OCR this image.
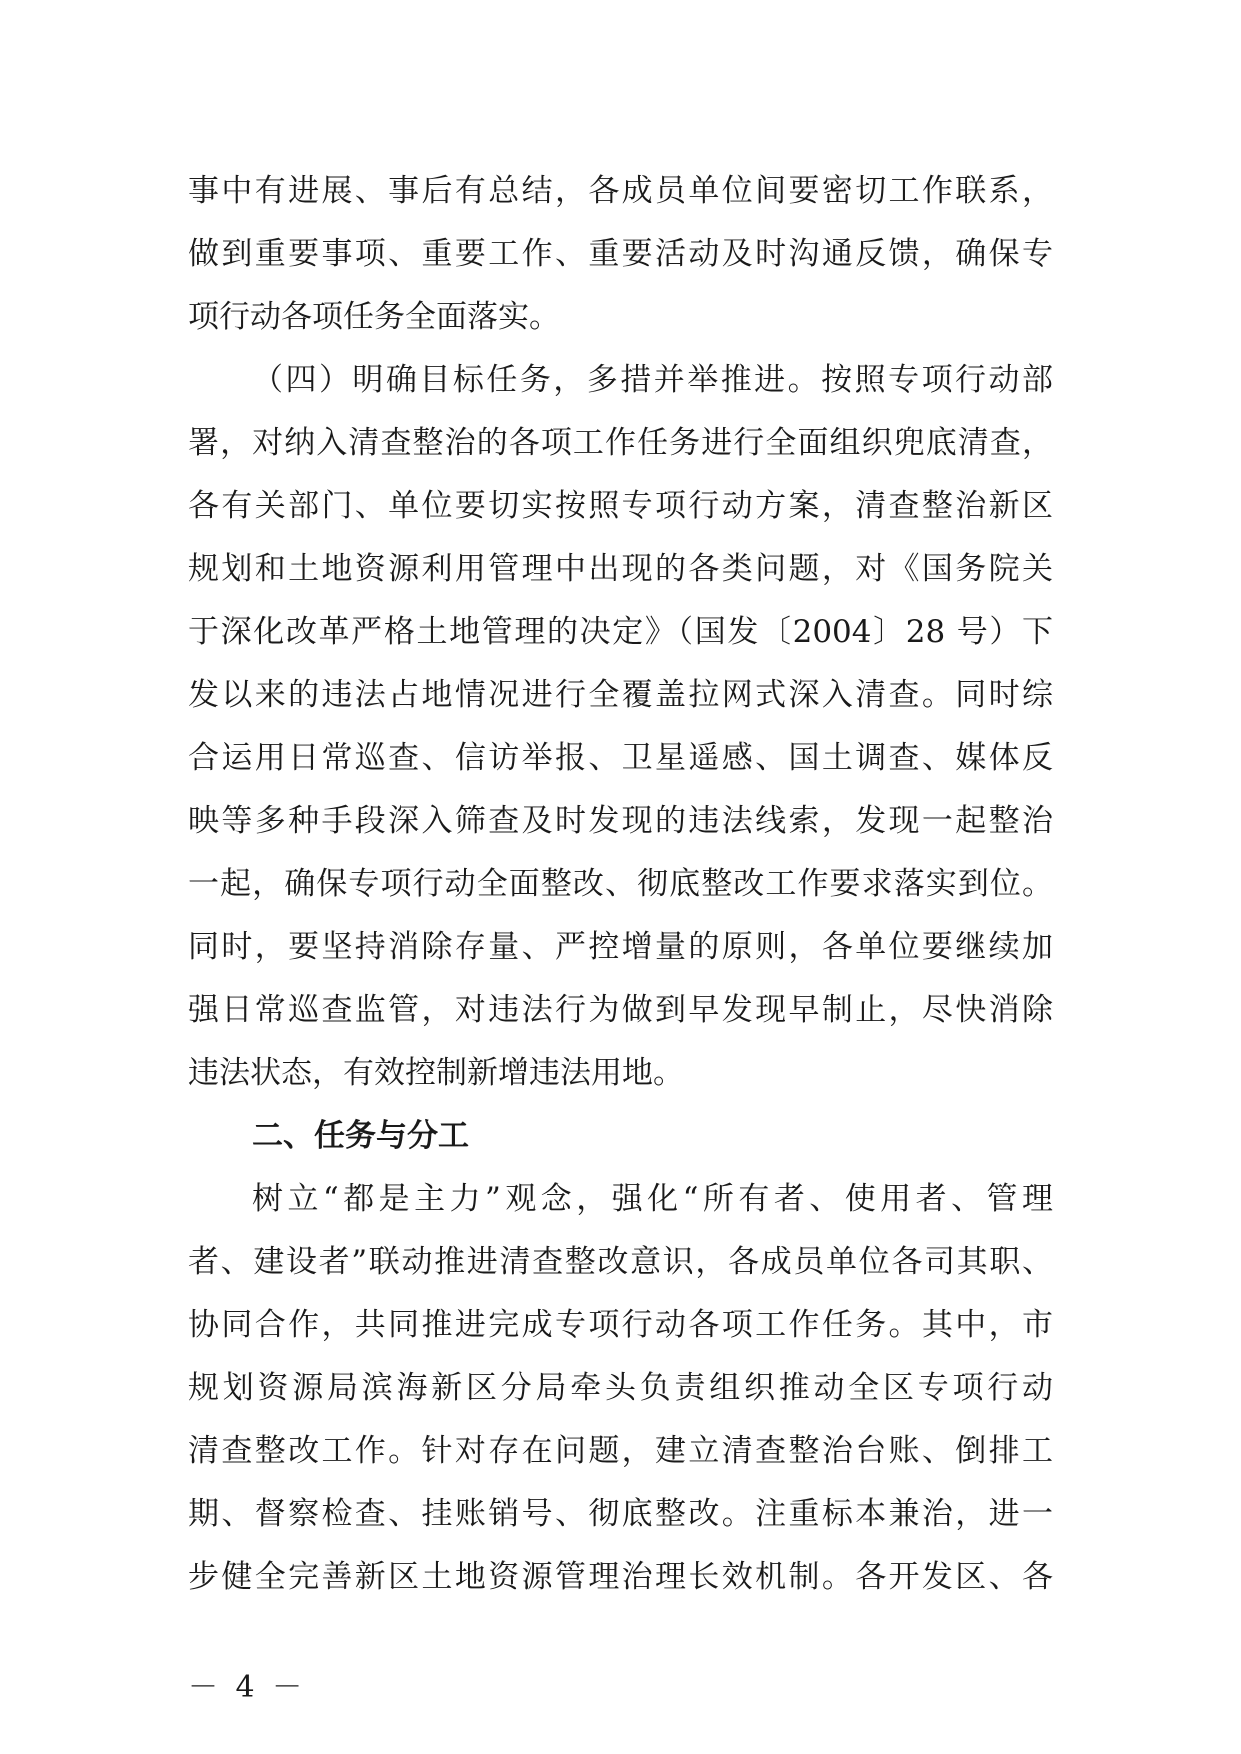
事中有进展、事后有总结，各成员单位间要密切工作联系，
做到重要事项、重要工作、重要活动及时沟通反馈，确保专
项行动各项任务全面落实。
（四）明确目标任务，多措并举推进。按照专项行动部
署，对纳入清查整治的各项工作任务进行全面组织兜底清查，
各有关部门、单位要切实按照专项行动方案，清查整治新区
规划和土地资源利用管理中出现的各类问题，对《国务院关
于深化改革严格土地管理的决定》（国发〔2004〕28 号）下
发以来的违法占地情况进行全覆盖拉网式深入清查。同时综
合运用日常巡查、信访举报、卫星遥感、国土调查、媒体反
映等多种手段深入筛查及时发现的违法线索，发现一起整治
一起，确保专项行动全面整改、彻底整改工作要求落实到位。
同时，要坚持消除存量、严控增量的原则，各单位要继续加
强日常巡查监管，对违法行为做到早发现早制止，尽快消除
违法状态，有效控制新增违法用地。
二、任务与分工
树立“都是主力”观念，强化“所有者、使用者、管理
者、建设者”联动推进清查整改意识，各成员单位各司其职、
协同合作，共同推进完成专项行动各项工作任务。其中，市
规划资源局滨海新区分局牵头负责组织推动全区专项行动
清查整改工作。针对存在问题，建立清查整治台账、倒排工
期、督察检查、挂账销号、彻底整改。注重标本兼治，进一
步健全完善新区土地资源管理治理长效机制。各开发区、各
－ 4 －
